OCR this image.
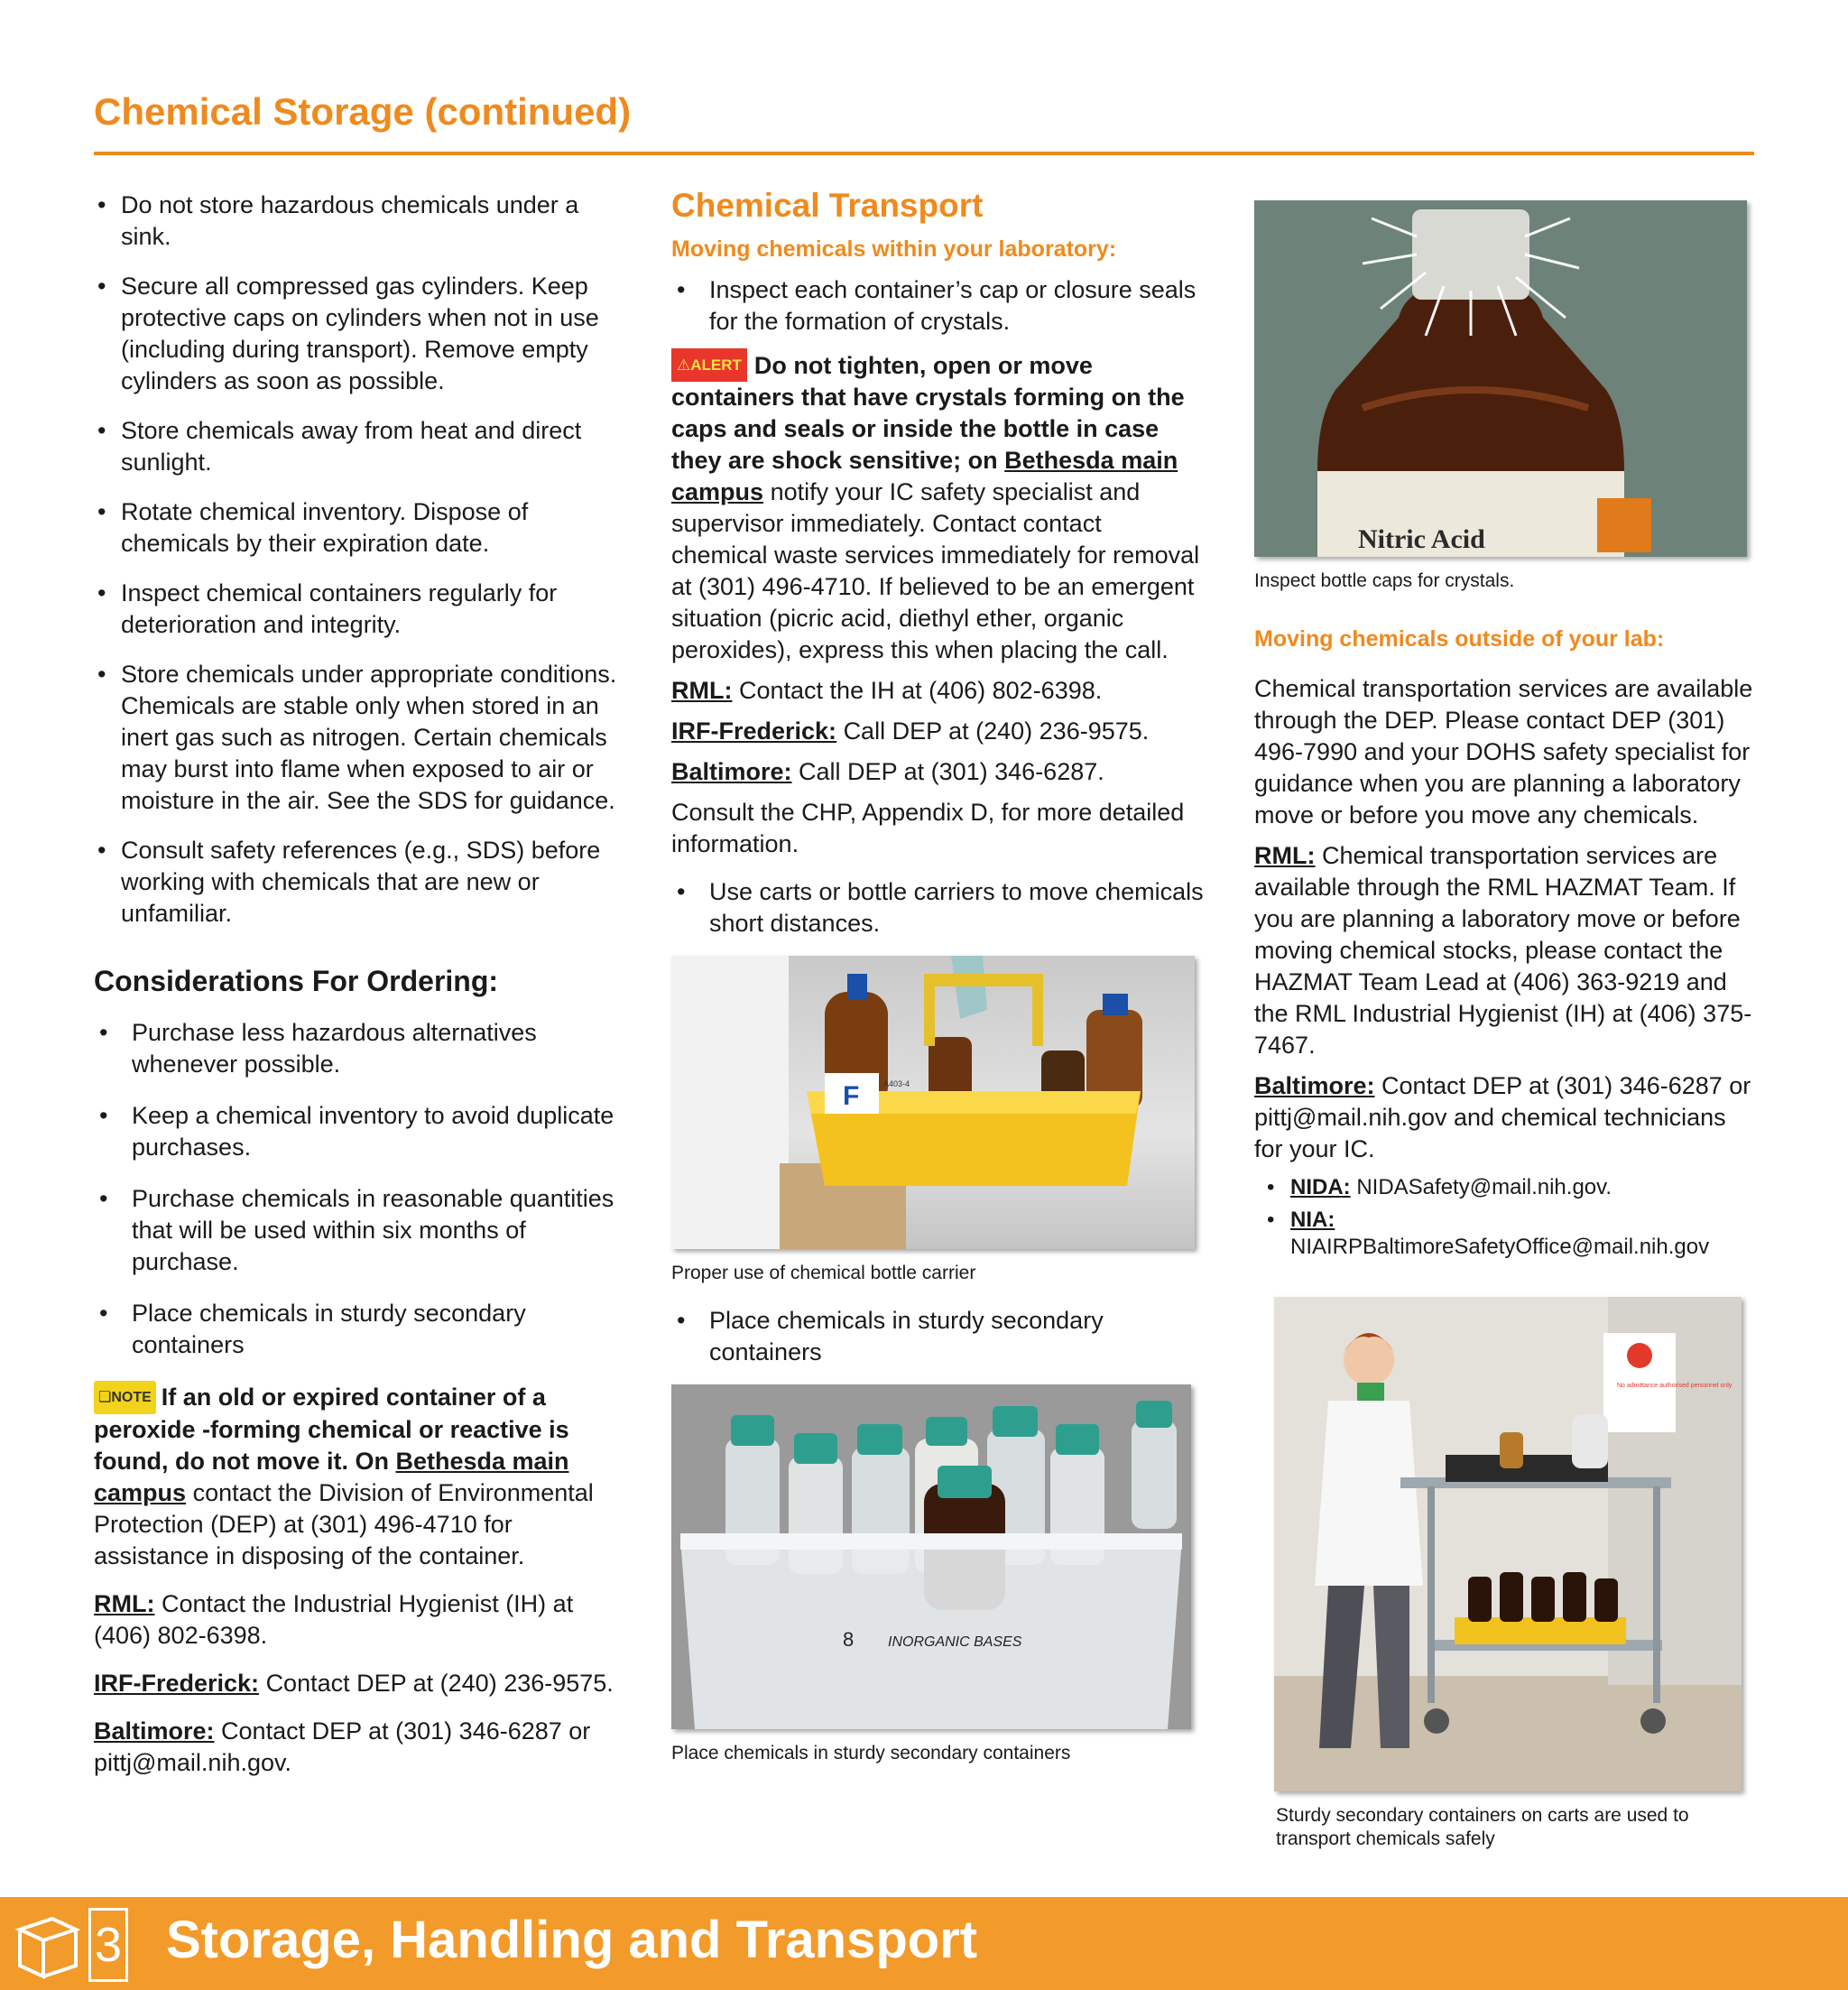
Chemical Storage (continued)
• Do not store hazardous chemicals under a sink.
• Secure all compressed gas cylinders. Keep protective caps on cylinders when not in use (including during transport). Remove empty cylinders as soon as possible.
• Store chemicals away from heat and direct sunlight.
• Rotate chemical inventory. Dispose of chemicals by their expiration date.
• Inspect chemical containers regularly for deterioration and integrity.
• Store chemicals under appropriate conditions. Chemicals are stable only when stored in an inert gas such as nitrogen. Certain chemicals may burst into flame when exposed to air or moisture in the air. See the SDS for guidance.
• Consult safety references (e.g., SDS) before working with chemicals that are new or unfamiliar.
Considerations For Ordering:
• Purchase less hazardous alternatives whenever possible.
• Keep a chemical inventory to avoid duplicate purchases.
• Purchase chemicals in reasonable quantities that will be used within six months of purchase.
• Place chemicals in sturdy secondary containers

❏NOTE If an old or expired container of a peroxide -forming chemical or reactive is found, do not move it. On Bethesda main campus contact the Division of Environmental Protection (DEP) at (301) 496-4710 for assistance in disposing of the container.

RML: Contact the Industrial Hygienist (IH) at (406) 802-6398.

IRF-Frederick: Contact DEP at (240) 236-9575.

Baltimore: Contact DEP at (301) 346-6287 or pittj@mail.nih.gov.

Chemical Transport
Moving chemicals within your laboratory:
• Inspect each container’s cap or closure seals for the formation of crystals.

⚠ALERT Do not tighten, open or move containers that have crystals forming on the caps and seals or inside the bottle in case they are shock sensitive; on Bethesda main campus notify your IC safety specialist and supervisor immediately. Contact contact chemical waste services immediately for removal at (301) 496-4710. If believed to be an emergent situation (picric acid, diethyl ether, organic peroxides), express this when placing the call.

RML: Contact the IH at (406) 802-6398.

IRF-Frederick: Call DEP at (240) 236-9575.

Baltimore: Call DEP at (301) 346-6287.

Consult the CHP, Appendix D, for more detailed information.

• Use carts or bottle carriers to move chemicals short distances.
F	A403-4
Proper use of chemical bottle carrier
• Place chemicals in sturdy secondary containers
8 INORGANIC BASES
Place chemicals in sturdy secondary containers
Nitric Acid
Inspect bottle caps for crystals.
Moving chemicals outside of your lab:

Chemical transportation services are available through the DEP. Please contact DEP (301) 496-7990 and your DOHS safety specialist for guidance when you are planning a laboratory move or before you move any chemicals.

RML: Chemical transportation services are available through the RML HAZMAT Team. If you are planning a laboratory move or before moving chemical stocks, please contact the HAZMAT Team Lead at (406) 363-9219 and the RML Industrial Hygienist (IH) at (406) 375-7467.

Baltimore: Contact DEP at (301) 346-6287 or pittj@mail.nih.gov and chemical technicians for your IC.

• NIDA: NIDASafety@mail.nih.gov.
• NIA: NIAIRPBaltimoreSafetyOffice@mail.nih.gov
No admittance authorised personnel only
Sturdy secondary containers on carts are used to transport chemicals safely
3 Storage, Handling and Transport
